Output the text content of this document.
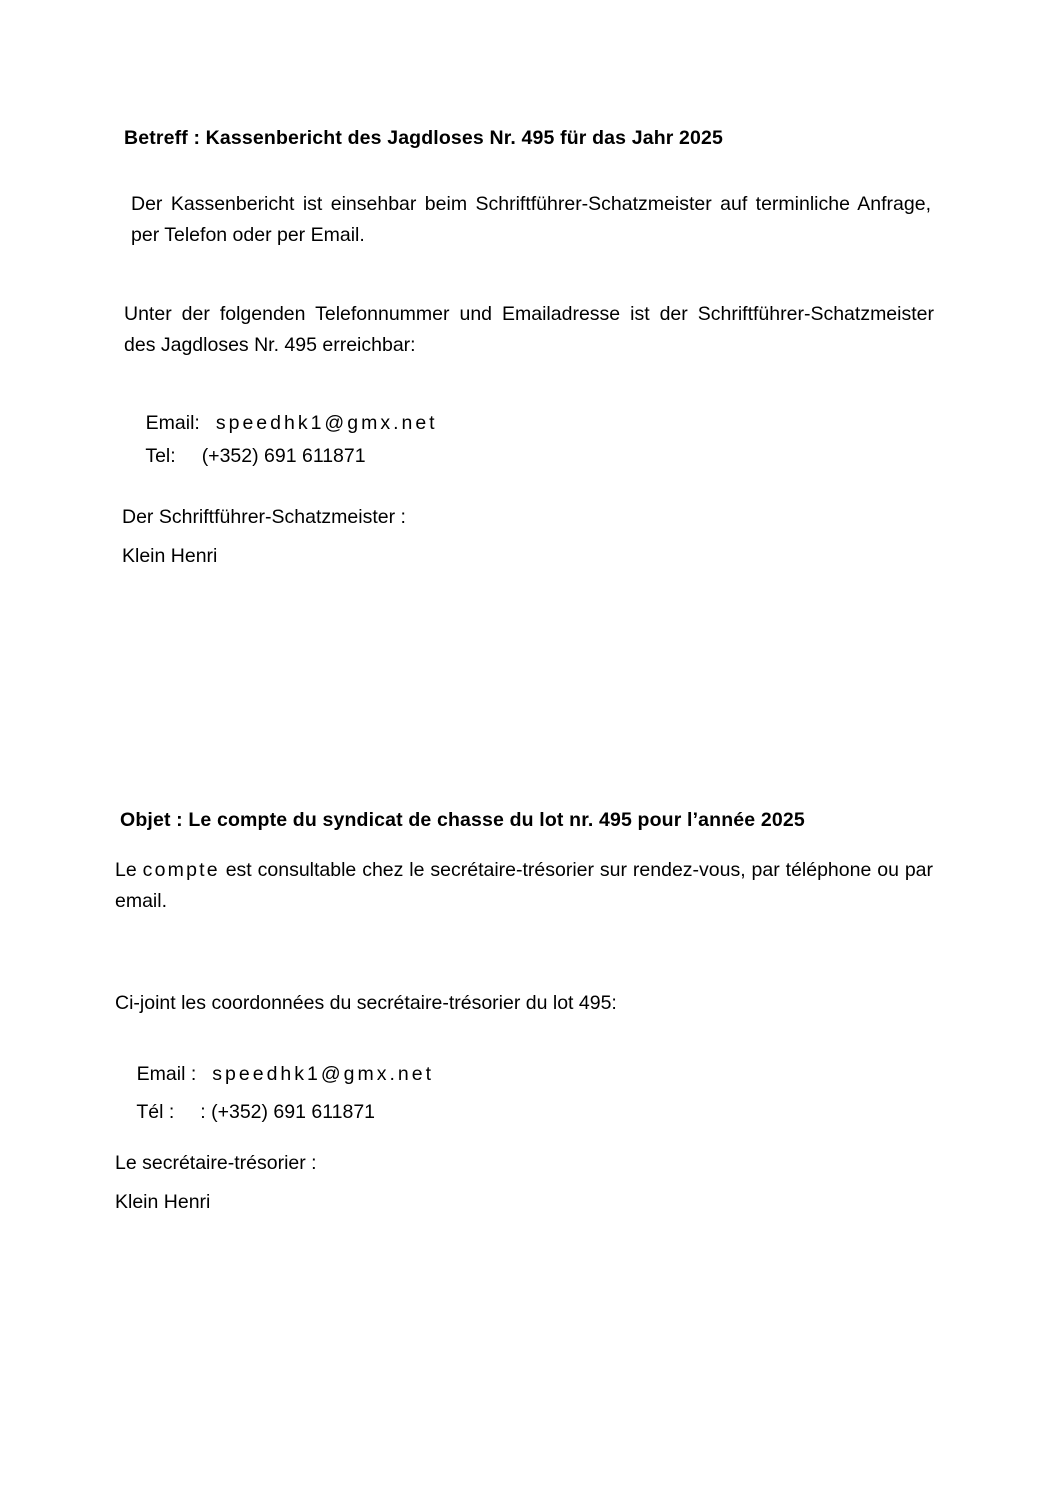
Betreff : Kassenbericht des Jagdloses Nr. 495 für das Jahr 2025
Der Kassenbericht ist einsehbar beim Schriftführer-Schatzmeister auf terminliche Anfrage, per Telefon oder per Email.
Unter der folgenden Telefonnummer und Emailadresse ist der Schriftführer-Schatzmeister des Jagdloses Nr. 495 erreichbar:

Email: speedhk1@gmx.net

Tel: (+352) 691 611871

Der Schriftführer-Schatzmeister :
Klein Henri
Objet : Le compte du syndicat de chasse du lot nr. 495 pour l’année 2025
Le compte est consultable chez le secrétaire-trésorier sur rendez-vous, par téléphone ou par email.
Ci-joint les coordonnées du secrétaire-trésorier du lot 495:

Email : speedhk1@gmx.net

Tél : : (+352) 691 611871

Le secrétaire-trésorier :
Klein Henri
